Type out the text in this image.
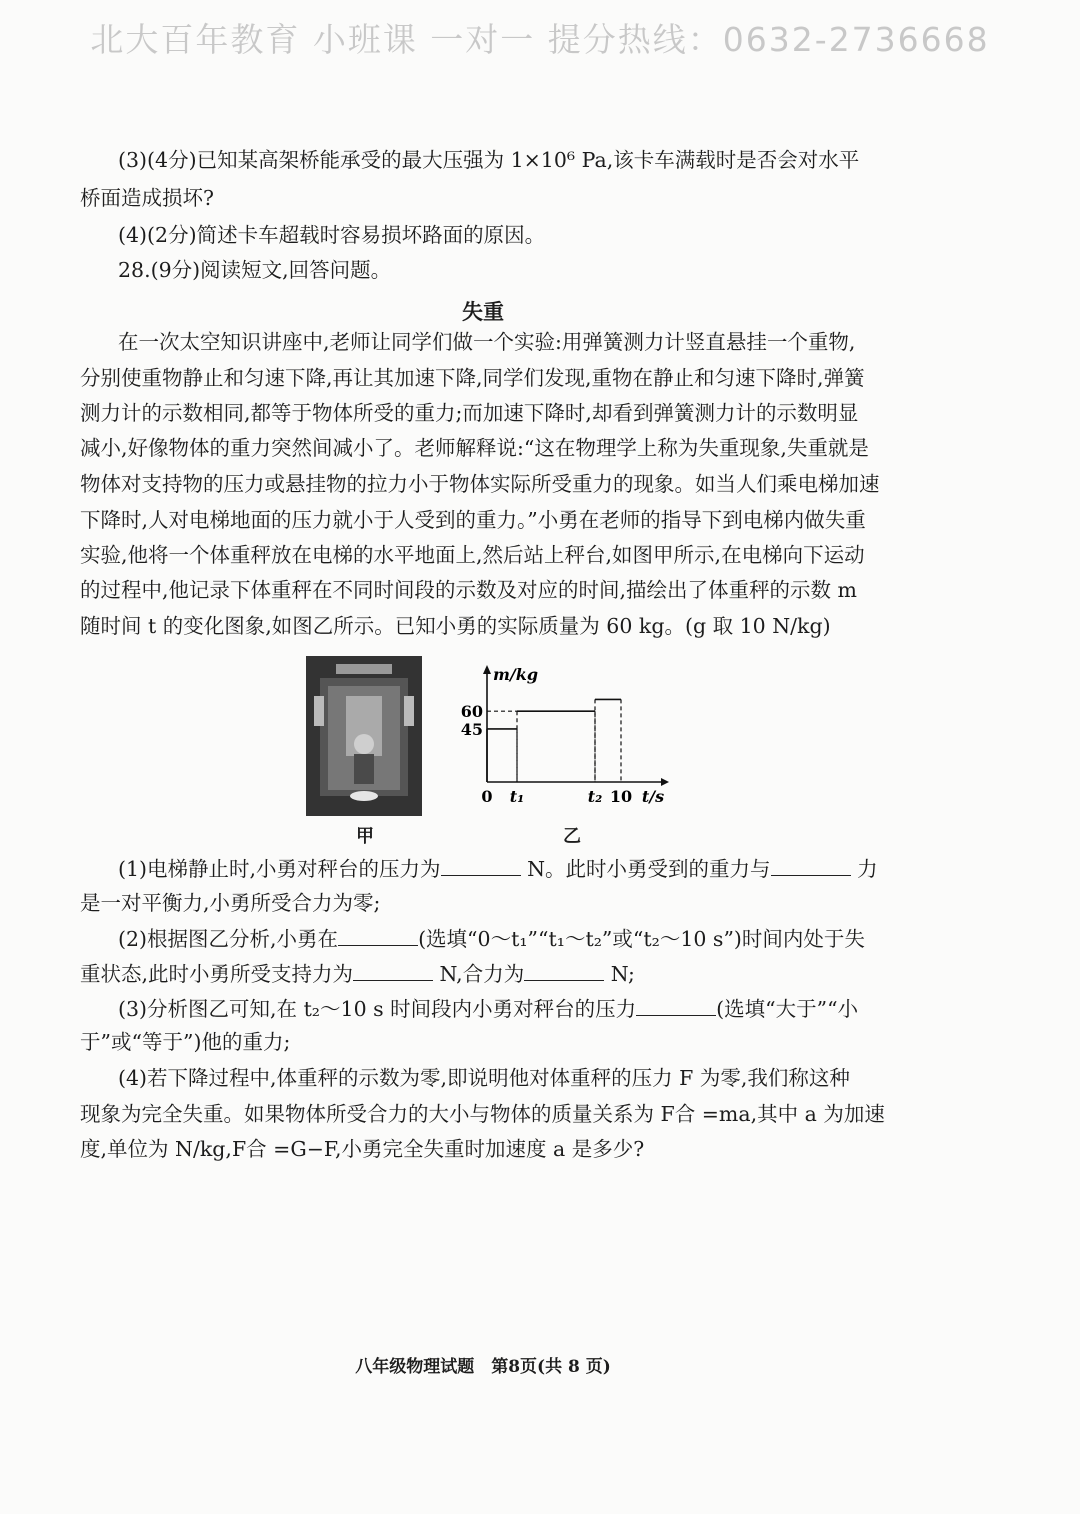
北大百年教育 小班课 一对一 提分热线：0632-2736668
(3)(4分)已知某高架桥能承受的最大压强为 1×10⁶ Pa,该卡车满载时是否会对水平
桥面造成损坏?
(4)(2分)简述卡车超载时容易损坏路面的原因。
28.(9分)阅读短文,回答问题。
失重
在一次太空知识讲座中,老师让同学们做一个实验:用弹簧测力计竖直悬挂一个重物,
分别使重物静止和匀速下降,再让其加速下降,同学们发现,重物在静止和匀速下降时,弹簧
测力计的示数相同,都等于物体所受的重力;而加速下降时,却看到弹簧测力计的示数明显
减小,好像物体的重力突然间减小了。老师解释说:“这在物理学上称为失重现象,失重就是
物体对支持物的压力或悬挂物的拉力小于物体实际所受重力的现象。如当人们乘电梯加速
下降时,人对电梯地面的压力就小于人受到的重力。”小勇在老师的指导下到电梯内做失重
实验,他将一个体重秤放在电梯的水平地面上,然后站上秤台,如图甲所示,在电梯向下运动
的过程中,他记录下体重秤在不同时间段的示数及对应的时间,描绘出了体重秤的示数 m
随时间 t 的变化图象,如图乙所示。已知小勇的实际质量为 60 kg。(g 取 10 N/kg)
45
60
0 t₁	t₂ 10
m/kg
t/s
甲	乙
(1)电梯静止时,小勇对秤台的压力为	N。此时小勇受到的重力与	力
是一对平衡力,小勇所受合力为零;
(2)根据图乙分析,小勇在	(选填“0～t₁”“t₁～t₂”或“t₂～10 s”)时间内处于失
重状态,此时小勇所受支持力为	N,合力为	N;
(3)分析图乙可知,在 t₂～10 s 时间段内小勇对秤台的压力	(选填“大于”“小
于”或“等于”)他的重力;
(4)若下降过程中,体重秤的示数为零,即说明他对体重秤的压力 F 为零,我们称这种
现象为完全失重。如果物体所受合力的大小与物体的质量关系为 F合 =ma,其中 a 为加速
度,单位为 N/kg,F合 =G−F,小勇完全失重时加速度 a 是多少?
八年级物理试题　第8页(共 8 页)
